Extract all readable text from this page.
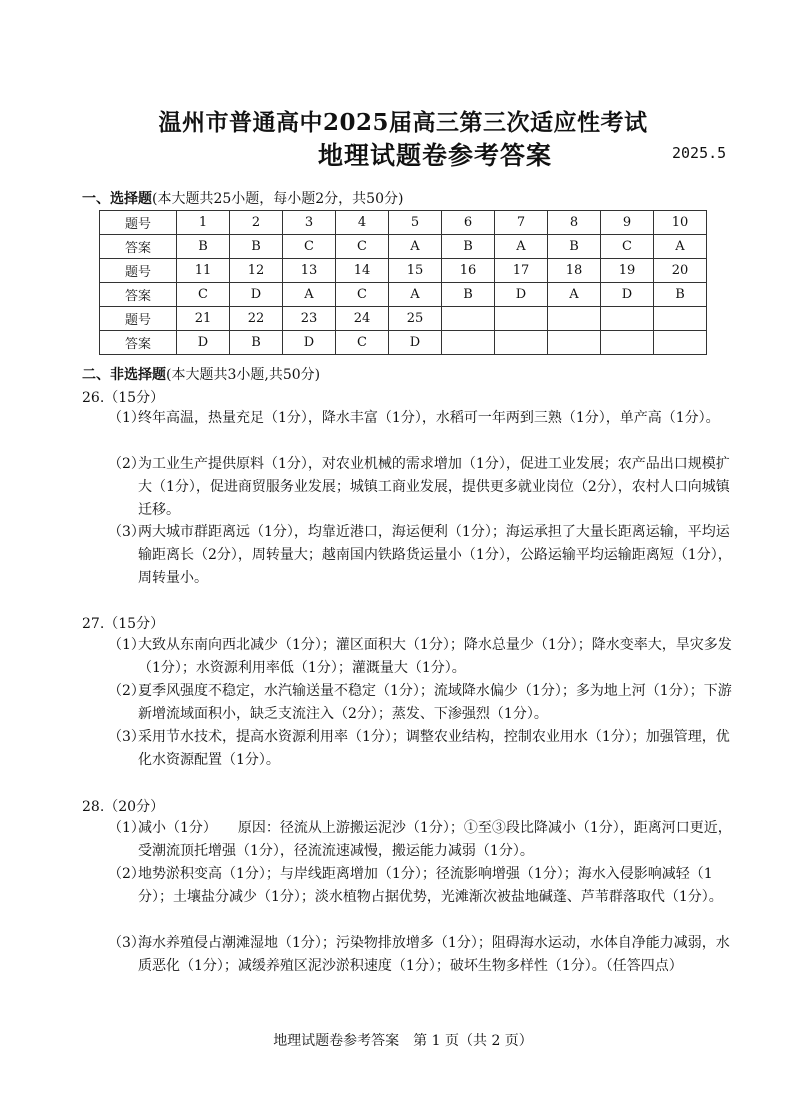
温州市普通高中2025届高三第三次适应性考试
地理试题卷参考答案	2025.5
一、选择题(本大题共25小题，每小题2分，共50分)
题号	1	2	3	4	5	6	7	8	9	10
答案	B	B	C	C	A	B	A	B	C	A
题号	11	12	13	14	15	16	17	18	19	20
答案	C	D	A	C	A	B	D	A	D	B
题号	21	22	23	24	25					
答案	D	B	D	C	D					
二、非选择题(本大题共3小题,共50分)
26.（15分）
（1）
终年高温，热量充足（1分），降水丰富（1分），水稻可一年两到三熟（1分），单产高（1分）。
（2）
为工业生产提供原料（1分），对农业机械的需求增加（1分），促进工业发展；农产品出口规模扩大（1分），促进商贸服务业发展；城镇工商业发展，提供更多就业岗位（2分），农村人口向城镇迁移。
（3）
两大城市群距离远（1分），均靠近港口，海运便利（1分）；海运承担了大量长距离运输，平均运输距离长（2分），周转量大；越南国内铁路货运量小（1分），公路运输平均运输距离短（1分），周转量小。
27.（15分）
（1）
大致从东南向西北减少（1分）；灌区面积大（1分）；降水总量少（1分）；降水变率大，旱灾多发（1分）；水资源利用率低（1分）；灌溉量大（1分）。
（2）
夏季风强度不稳定，水汽输送量不稳定（1分）；流域降水偏少（1分）；多为地上河（1分）；下游新增流域面积小，缺乏支流注入（2分）；蒸发、下渗强烈（1分）。
（3）
采用节水技术，提高水资源利用率（1分）；调整农业结构，控制农业用水（1分）；加强管理，优化水资源配置（1分）。
28.（20分）
（1）
减小（1分）　　原因：径流从上游搬运泥沙（1分）；①至③段比降减小（1分），距离河口更近，受潮流顶托增强（1分），径流流速减慢，搬运能力减弱（1分）。
（2）
地势淤积变高（1分）；与岸线距离增加（1分）；径流影响增强（1分）；海水入侵影响减轻（1分）；土壤盐分减少（1分）；淡水植物占据优势，光滩渐次被盐地碱蓬、芦苇群落取代（1分）。
（3）
海水养殖侵占潮滩湿地（1分）；污染物排放增多（1分）；阻碍海水运动，水体自净能力减弱，水质恶化（1分）；减缓养殖区泥沙淤积速度（1分）；破坏生物多样性（1分）。（任答四点）
地理试题卷参考答案　第 1 页（共 2 页）
